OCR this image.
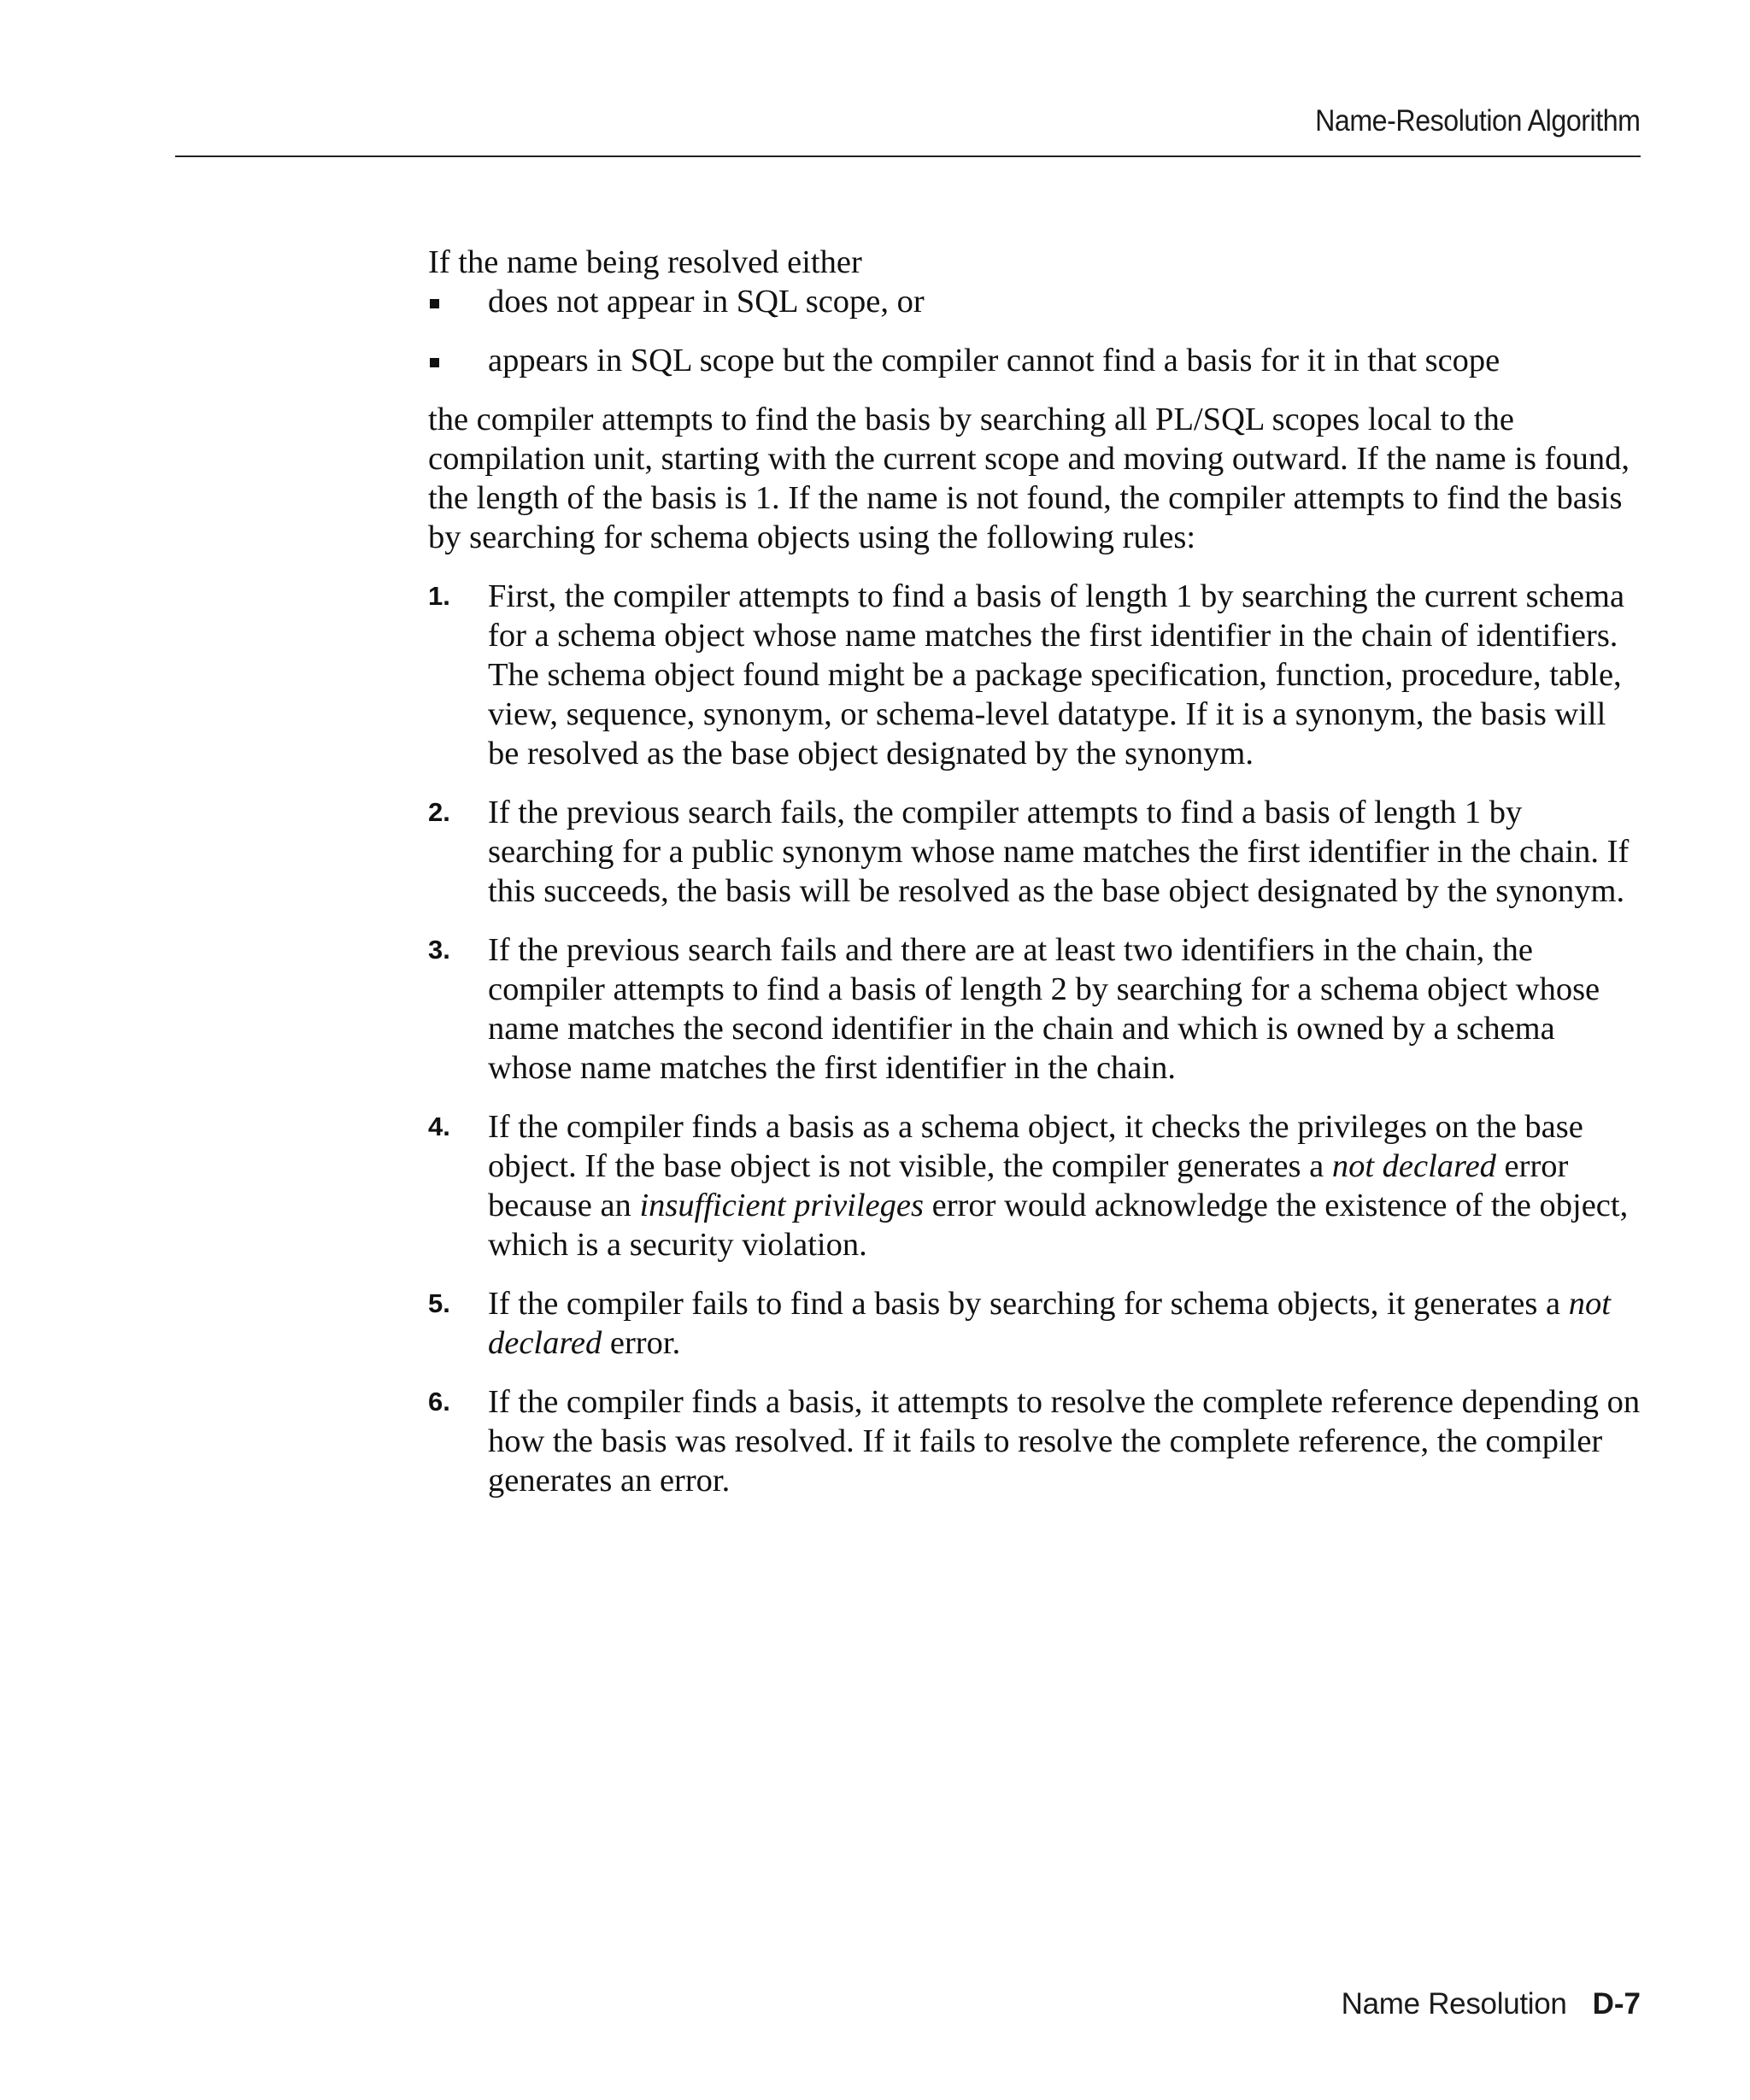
Name-Resolution Algorithm

If the name being resolved either

does not appear in SQL scope, or
appears in SQL scope but the compiler cannot find a basis for it in that scope

the compiler attempts to find the basis by searching all PL/SQL scopes local to the compilation unit, starting with the current scope and moving outward. If the name is found, the length of the basis is 1. If the name is not found, the compiler attempts to find the basis by searching for schema objects using the following rules:

1. First, the compiler attempts to find a basis of length 1 by searching the current schema for a schema object whose name matches the first identifier in the chain of identifiers. The schema object found might be a package specification, function, procedure, table, view, sequence, synonym, or schema-level datatype. If it is a synonym, the basis will be resolved as the base object designated by the synonym.
2. If the previous search fails, the compiler attempts to find a basis of length 1 by searching for a public synonym whose name matches the first identifier in the chain. If this succeeds, the basis will be resolved as the base object designated by the synonym.
3. If the previous search fails and there are at least two identifiers in the chain, the compiler attempts to find a basis of length 2 by searching for a schema object whose name matches the second identifier in the chain and which is owned by a schema whose name matches the first identifier in the chain.
4. If the compiler finds a basis as a schema object, it checks the privileges on the base object. If the base object is not visible, the compiler generates a not declared error because an insufficient privileges error would acknowledge the existence of the object, which is a security violation.
5. If the compiler fails to find a basis by searching for schema objects, it generates a not declared error.
6. If the compiler finds a basis, it attempts to resolve the complete reference depending on how the basis was resolved. If it fails to resolve the complete reference, the compiler generates an error.
Name Resolution D-7
